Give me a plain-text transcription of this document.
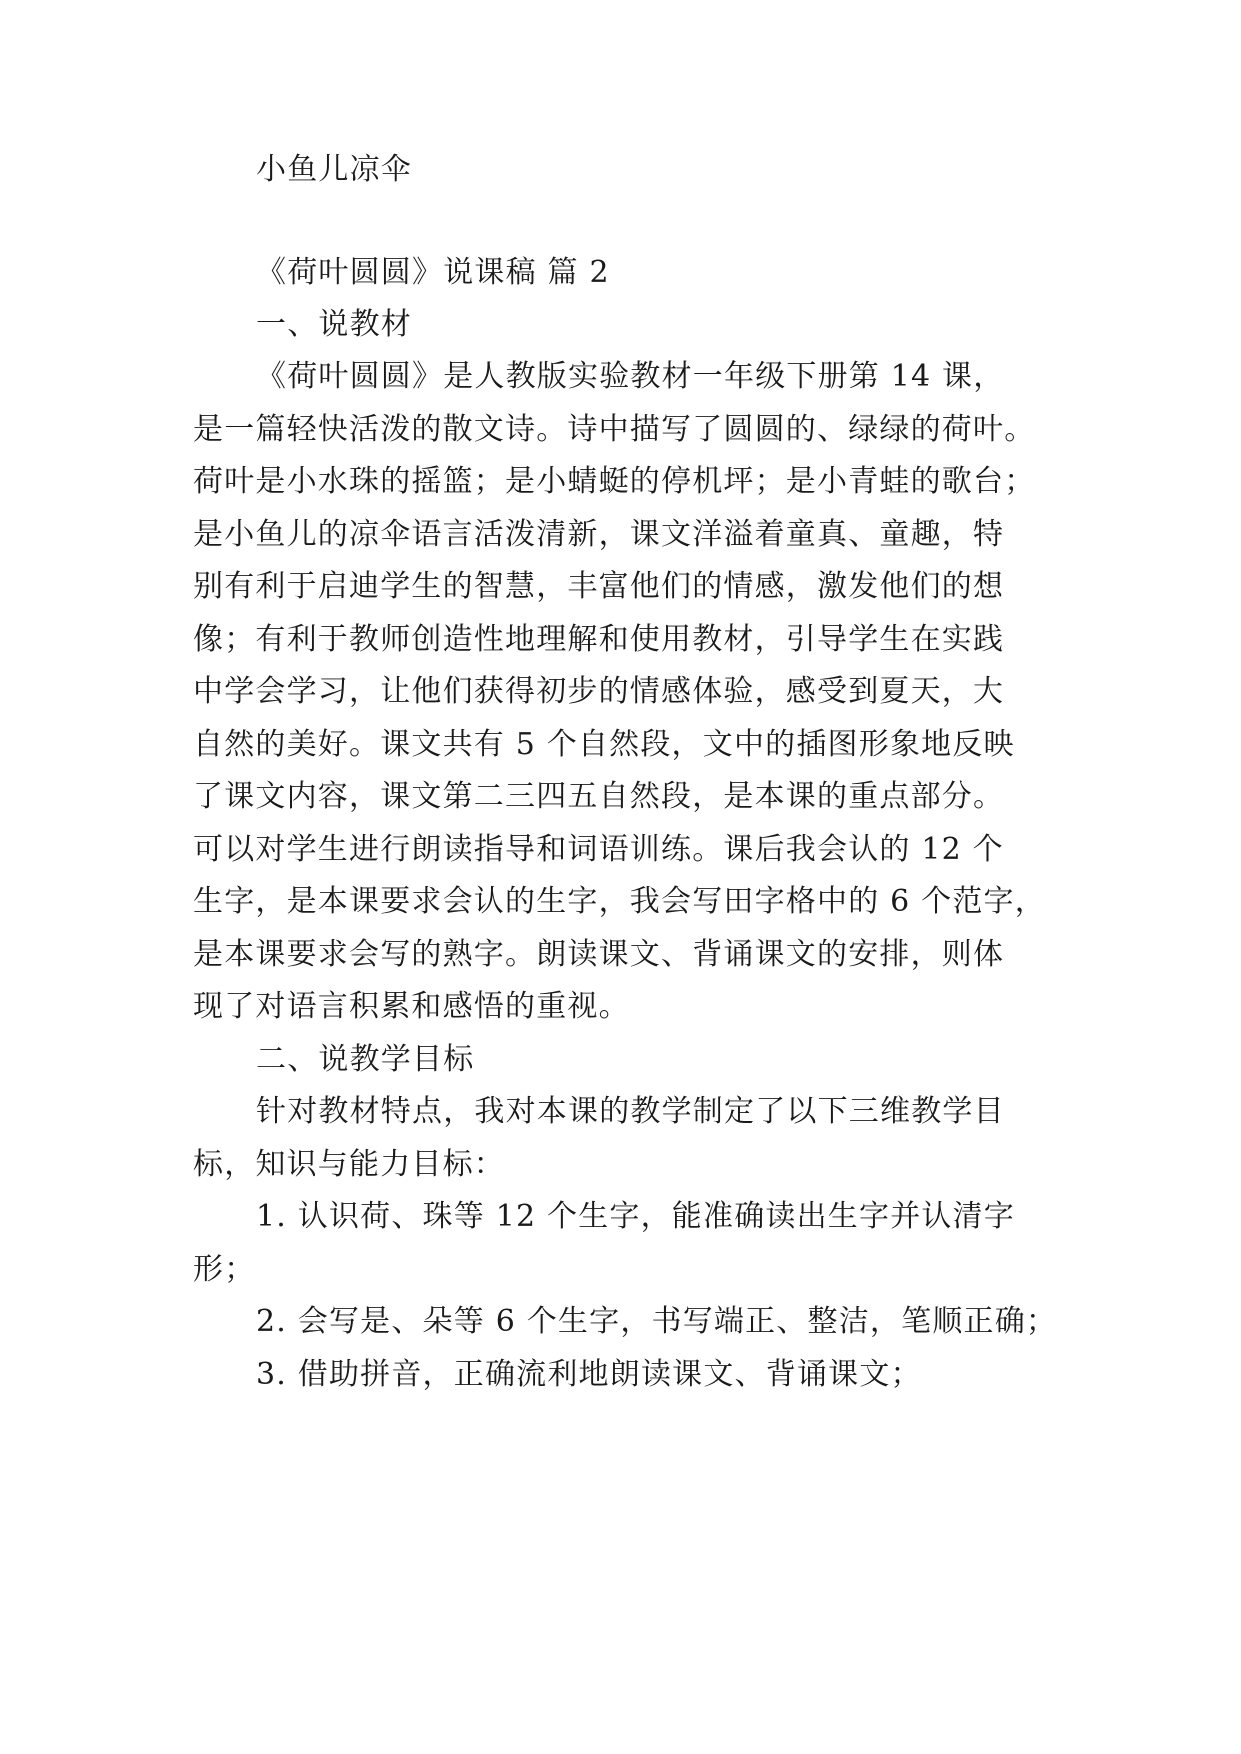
小鱼儿凉伞
《荷叶圆圆》说课稿 篇 2
一、说教材
《荷叶圆圆》是人教版实验教材一年级下册第 14 课，
是一篇轻快活泼的散文诗。诗中描写了圆圆的、绿绿的荷叶。
荷叶是小水珠的摇篮；是小蜻蜓的停机坪；是小青蛙的歌台；
是小鱼儿的凉伞语言活泼清新，课文洋溢着童真、童趣，特
别有利于启迪学生的智慧，丰富他们的情感，激发他们的想
像；有利于教师创造性地理解和使用教材，引导学生在实践
中学会学习，让他们获得初步的情感体验，感受到夏天，大
自然的美好。课文共有 5 个自然段，文中的插图形象地反映
了课文内容，课文第二三四五自然段，是本课的重点部分。
可以对学生进行朗读指导和词语训练。课后我会认的 12 个
生字，是本课要求会认的生字，我会写田字格中的 6 个范字，
是本课要求会写的熟字。朗读课文、背诵课文的安排，则体
现了对语言积累和感悟的重视。
二、说教学目标
针对教材特点，我对本课的教学制定了以下三维教学目
标，知识与能力目标：
1. 认识荷、珠等 12 个生字，能准确读出生字并认清字
形；
2. 会写是、朵等 6 个生字，书写端正、整洁，笔顺正确；
3. 借助拼音，正确流利地朗读课文、背诵课文；
